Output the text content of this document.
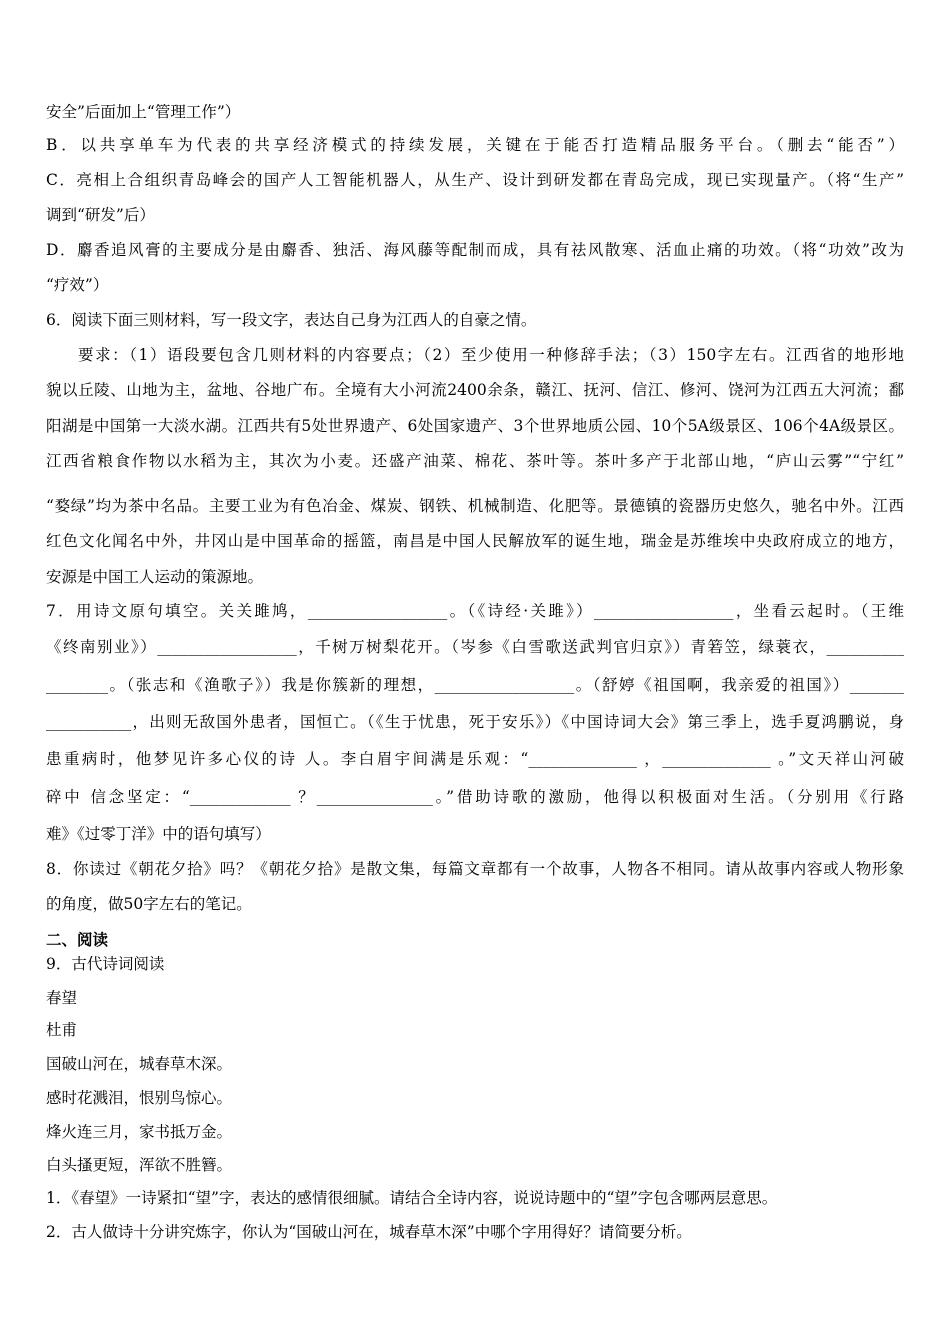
安全”后面加上“管理工作”）
B．以共享单车为代表的共享经济模式的持续发展，关键在于能否打造精品服务平台。（删去“能否”）
C．亮相上合组织青岛峰会的国产人工智能机器人，从生产、设计到研发都在青岛完成，现已实现量产。（将“生产”
调到“研发”后）
D．麝香追风膏的主要成分是由麝香、独活、海风藤等配制而成，具有祛风散寒、活血止痛的功效。（将“功效”改为
“疗效”）
6．阅读下面三则材料，写一段文字，表达自己身为江西人的自豪之情。
要求：（1）语段要包含几则材料的内容要点；（2）至少使用一种修辞手法；（3）150字左右。江西省的地形地
貌以丘陵、山地为主，盆地、谷地广布。全境有大小河流2400余条，赣江、抚河、信江、修河、饶河为江西五大河流；鄱
阳湖是中国第一大淡水湖。江西共有5处世界遗产、6处国家遗产、3个世界地质公园、10个5A级景区、106个4A级景区。
江西省粮食作物以水稻为主，其次为小麦。还盛产油菜、棉花、茶叶等。茶叶多产于北部山地，“庐山云雾”“宁红”
“婺绿”均为茶中名品。主要工业为有色冶金、煤炭、钢铁、机械制造、化肥等。景德镇的瓷器历史悠久，驰名中外。江西
红色文化闻名中外，井冈山是中国革命的摇篮，南昌是中国人民解放军的诞生地，瑞金是苏维埃中央政府成立的地方，
安源是中国工人运动的策源地。
7．用诗文原句填空。关关雎鸠，__________________。（《诗经·关雎》）__________________，坐看云起时。（王维
《终南别业》）__________________，千树万树梨花开。（岑参《白雪歌送武判官归京》）青箬笠，绿蓑衣，__________
________。（张志和《渔歌子》）我是你簇新的理想，__________________。（舒婷《祖国啊，我亲爱的祖国》）_______
___________，出则无敌国外患者，国恒亡。（《生于忧患，死于安乐》）《中国诗词大会》第三季上，选手夏鸿鹏说，身
患重病时，他梦见许多心仪的诗 人。李白眉宇间满是乐观：“______________ ，______________ 。”文天祥山河破
碎中 信念坚定：“_____________ ？_______________。”借助诗歌的激励，他得以积极面对生活。（分别用《行路
难》《过零丁洋》中的语句填写）
8．你读过《朝花夕拾》吗？《朝花夕拾》是散文集，每篇文章都有一个故事，人物各不相同。请从故事内容或人物形象
的角度，做50字左右的笔记。
二、阅读
9．古代诗词阅读
春望
杜甫
国破山河在，城春草木深。
感时花溅泪，恨别鸟惊心。
烽火连三月，家书抵万金。
白头搔更短，浑欲不胜簪。
1．《春望》一诗紧扣“望”字，表达的感情很细腻。请结合全诗内容，说说诗题中的“望”字包含哪两层意思。
2．古人做诗十分讲究炼字，你认为“国破山河在，城春草木深”中哪个字用得好？请简要分析。
